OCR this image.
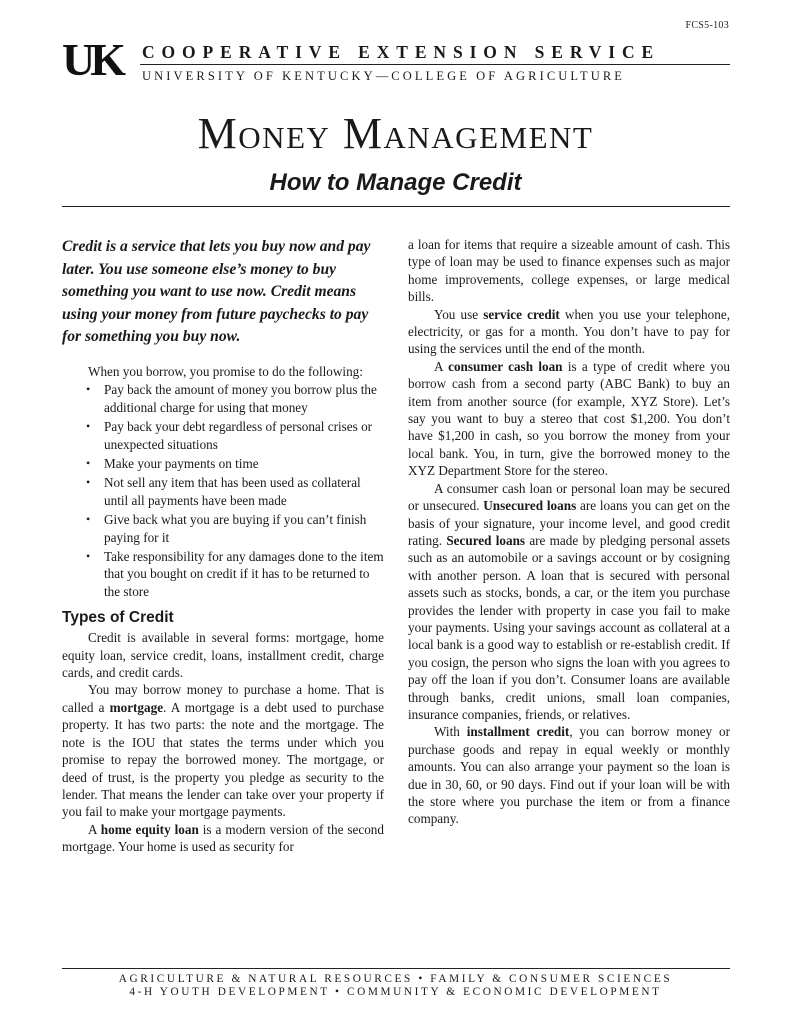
FCS5-103
UK COOPERATIVE EXTENSION SERVICE
UNIVERSITY OF KENTUCKY—COLLEGE OF AGRICULTURE
Money Management
How to Manage Credit

Credit is a service that lets you buy now and pay later. You use someone else’s money to buy something you want to use now. Credit means using your money from future paychecks to pay for something you buy now.

When you borrow, you promise to do the following:

• Pay back the amount of money you borrow plus the additional charge for using that money
• Pay back your debt regardless of personal crises or unexpected situations
• Make your payments on time
• Not sell any item that has been used as collateral until all payments have been made
• Give back what you are buying if you can’t finish paying for it
• Take responsibility for any damages done to the item that you bought on credit if it has to be returned to the store
Types of Credit

Credit is available in several forms: mortgage, home equity loan, service credit, loans, installment credit, charge cards, and credit cards.

You may borrow money to purchase a home. That is called a mortgage. A mortgage is a debt used to purchase property. It has two parts: the note and the mortgage. The note is the IOU that states the terms under which you promise to repay the borrowed money. The mortgage, or deed of trust, is the property you pledge as security to the lender. That means the lender can take over your property if you fail to make your mortgage payments.

A home equity loan is a modern version of the second mortgage. Your home is used as security for

a loan for items that require a sizeable amount of cash. This type of loan may be used to finance expenses such as major home improvements, college expenses, or large medical bills.

You use service credit when you use your telephone, electricity, or gas for a month. You don’t have to pay for using the services until the end of the month.

A consumer cash loan is a type of credit where you borrow cash from a second party (ABC Bank) to buy an item from another source (for example, XYZ Store). Let’s say you want to buy a stereo that cost $1,200. You don’t have $1,200 in cash, so you borrow the money from your local bank. You, in turn, give the borrowed money to the XYZ Department Store for the stereo.

A consumer cash loan or personal loan may be secured or unsecured. Unsecured loans are loans you can get on the basis of your signature, your income level, and good credit rating. Secured loans are made by pledging personal assets such as an automobile or a savings account or by cosigning with another person. A loan that is secured with personal assets such as stocks, bonds, a car, or the item you purchase provides the lender with property in case you fail to make your payments. Using your savings account as collateral at a local bank is a good way to establish or re-establish credit. If you cosign, the person who signs the loan with you agrees to pay off the loan if you don’t. Consumer loans are available through banks, credit unions, small loan companies, insurance companies, friends, or relatives.

With installment credit, you can borrow money or purchase goods and repay in equal weekly or monthly amounts. You can also arrange your payment so the loan is due in 30, 60, or 90 days. Find out if your loan will be with the store where you purchase the item or from a finance company.

AGRICULTURE & NATURAL RESOURCES • FAMILY & CONSUMER SCIENCES
4-H YOUTH DEVELOPMENT • COMMUNITY & ECONOMIC DEVELOPMENT
